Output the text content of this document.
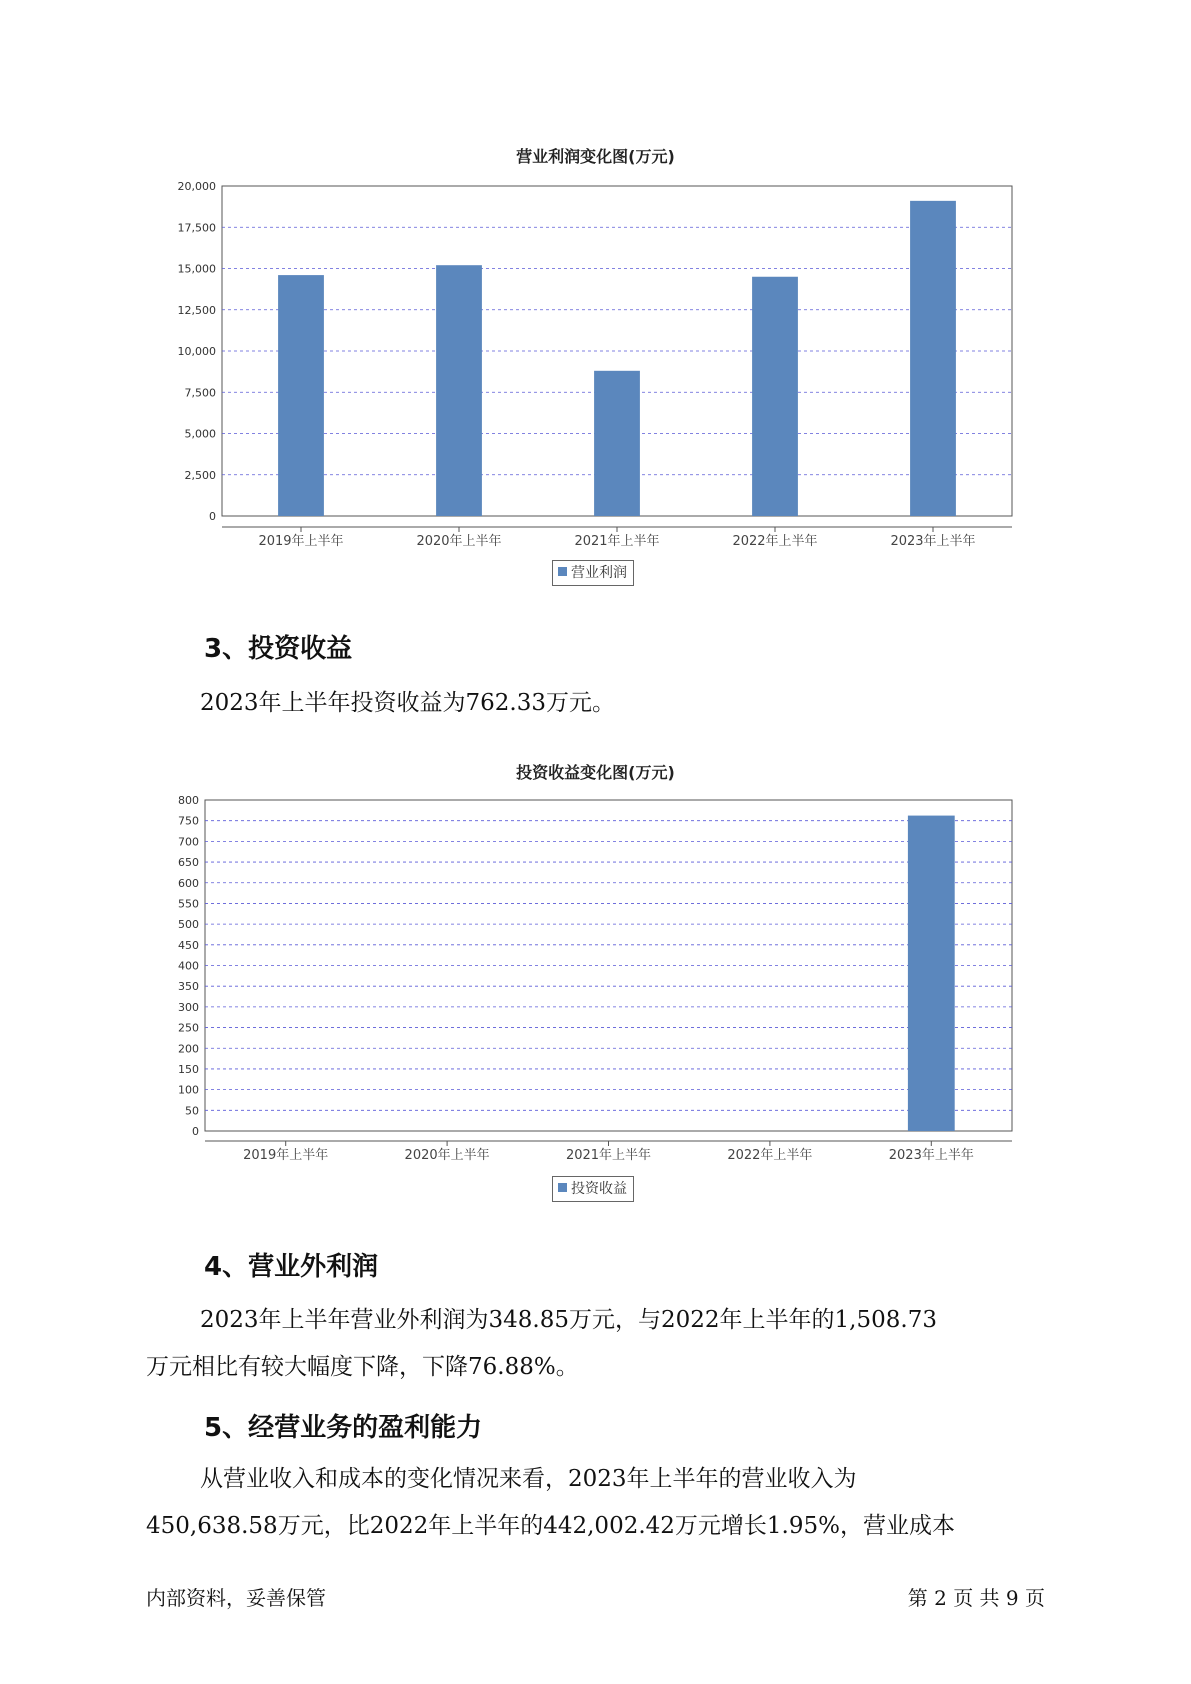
营业利润变化图(万元)
0
2,500
5,000
7,500
10,000
12,500
15,000
17,500
20,000
2019年上半年	2020年上半年	2021年上半年	2022年上半年	2023年上半年
营业利润
3、投资收益
2023年上半年投资收益为762.33万元。
投资收益变化图(万元)
0
50
100
150
200
250
300
350
400
450
500
550
600
650
700
750
800
2019年上半年	2020年上半年	2021年上半年	2022年上半年	2023年上半年
投资收益
4、营业外利润
2023年上半年营业外利润为348.85万元，与2022年上半年的1,508.73
万元相比有较大幅度下降，下降76.88%。
5、经营业务的盈利能力
从营业收入和成本的变化情况来看，2023年上半年的营业收入为
450,638.58万元，比2022年上半年的442,002.42万元增长1.95%，营业成本
内部资料，妥善保管	第 2 页 共 9 页
